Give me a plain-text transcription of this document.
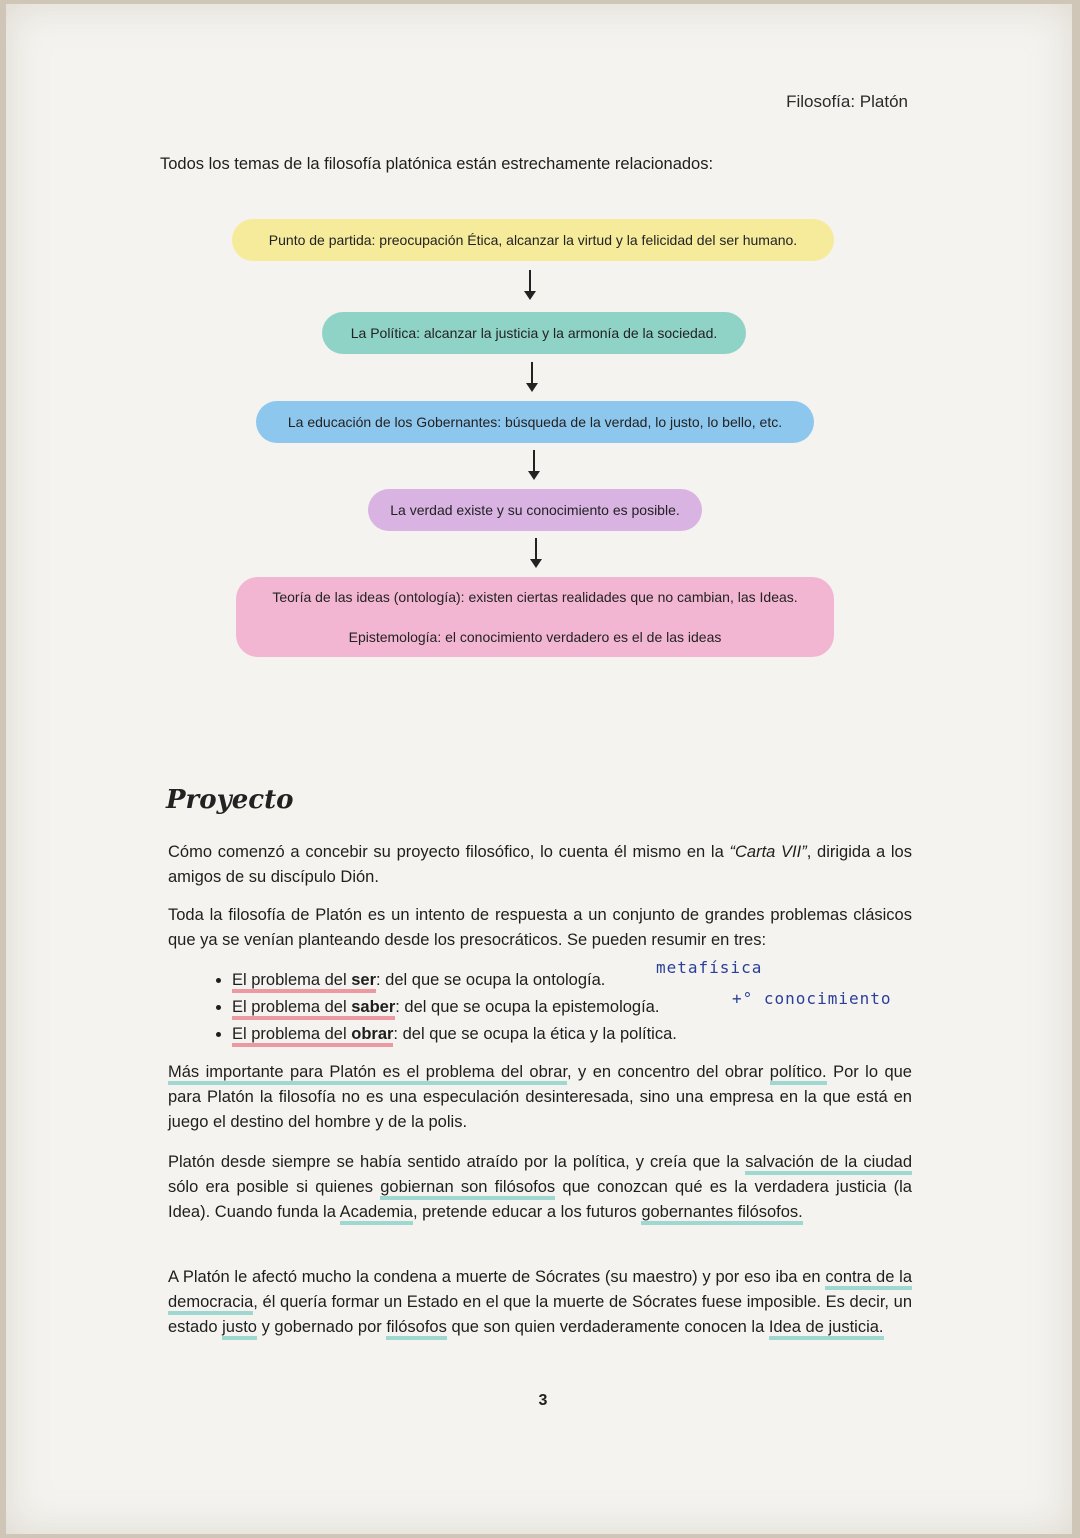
Filosofía: Platón
Todos los temas de la filosofía platónica están estrechamente relacionados:
Punto de partida: preocupación Ética, alcanzar la virtud y la felicidad del ser humano.
La Política: alcanzar la justicia y la armonía de la sociedad.
La educación de los Gobernantes: búsqueda de la verdad, lo justo, lo bello, etc.
La verdad existe y su conocimiento es posible.
Teoría de las ideas (ontología): existen ciertas realidades que no cambian, las Ideas.
Epistemología: el conocimiento verdadero es el de las ideas
Proyecto
Cómo comenzó a concebir su proyecto filosófico, lo cuenta él mismo en la “Carta VII”, dirigida a los amigos de su discípulo Dión.
Toda la filosofía de Platón es un intento de respuesta a un conjunto de grandes problemas clásicos que ya se venían planteando desde los presocráticos. Se pueden resumir en tres:
• El problema del ser: del que se ocupa la ontología.
• El problema del saber: del que se ocupa la epistemología.
• El problema del obrar: del que se ocupa la ética y la política.
metafísica
+° conocimiento
Más importante para Platón es el problema del obrar, y en concentro del obrar político. Por lo que para Platón la filosofía no es una especulación desinteresada, sino una empresa en la que está en juego el destino del hombre y de la polis.
Platón desde siempre se había sentido atraído por la política, y creía que la salvación de la ciudad sólo era posible si quienes gobiernan son filósofos que conozcan qué es la verdadera justicia (la Idea). Cuando funda la Academia, pretende educar a los futuros gobernantes filósofos.
A Platón le afectó mucho la condena a muerte de Sócrates (su maestro) y por eso iba en contra de la democracia, él quería formar un Estado en el que la muerte de Sócrates fuese imposible. Es decir, un estado justo y gobernado por filósofos que son quien verdaderamente conocen la Idea de justicia.
3
